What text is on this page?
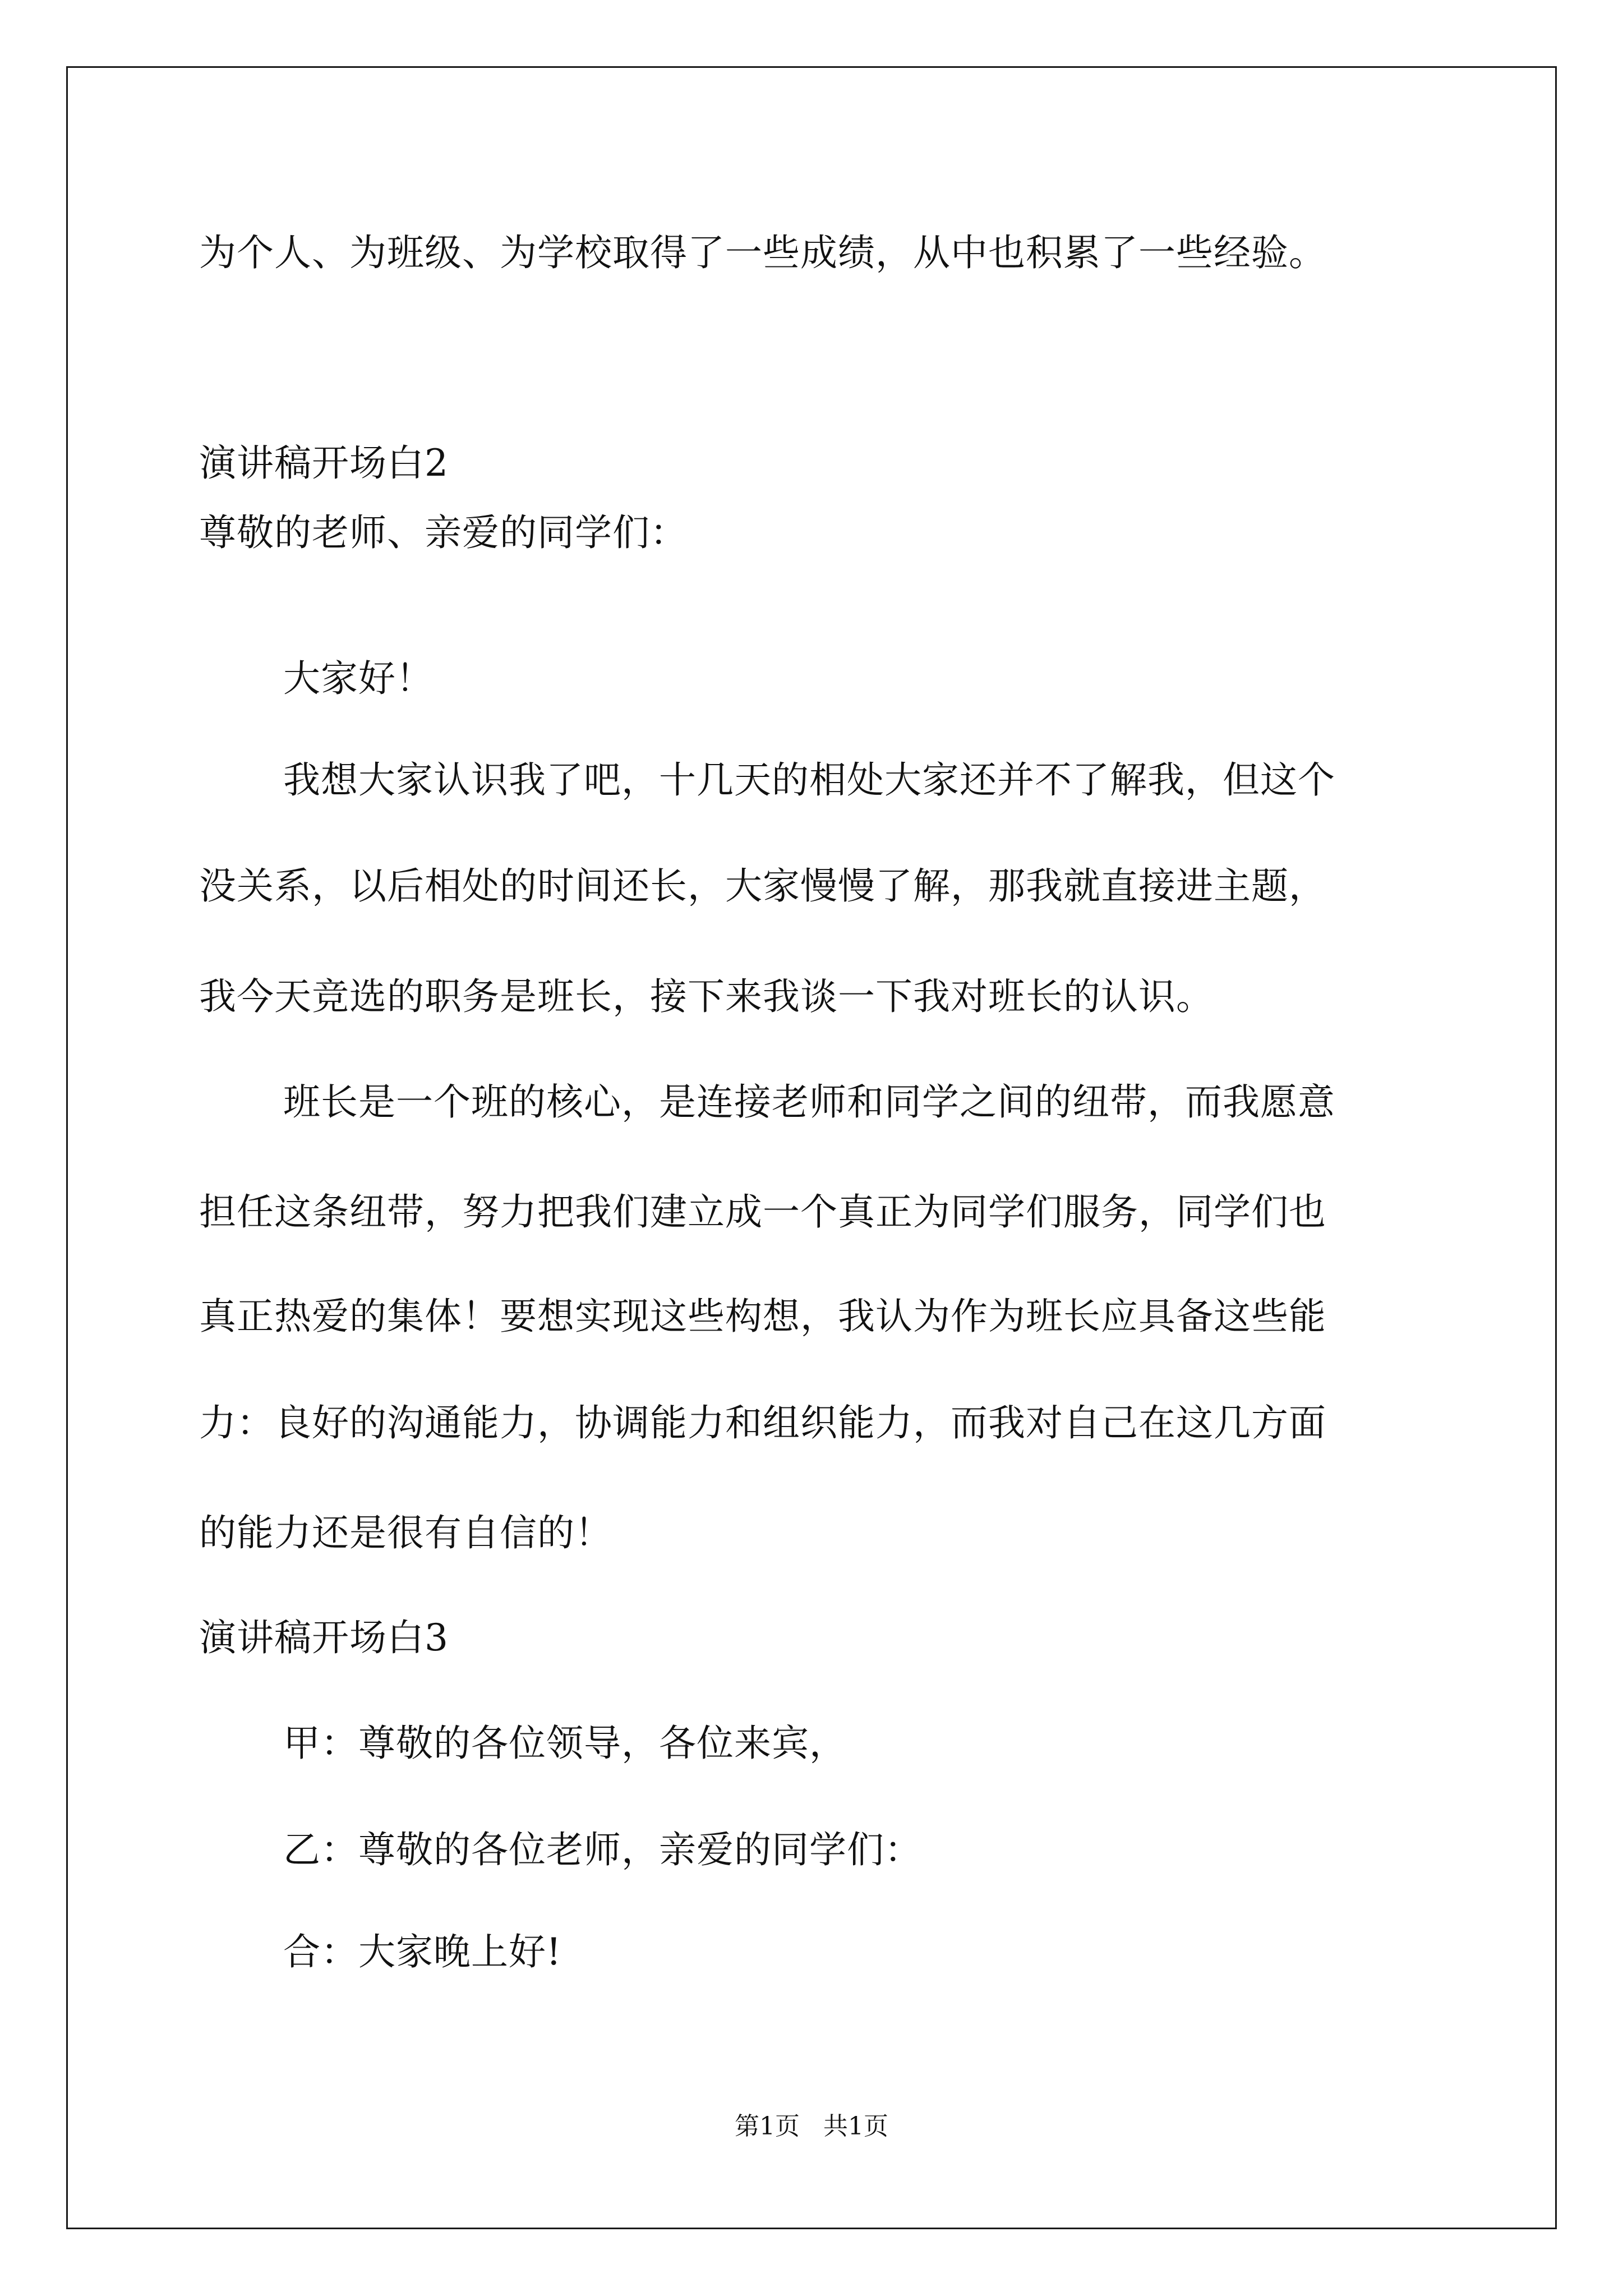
为个人、为班级、为学校取得了一些成绩，从中也积累了一些经验。
演讲稿开场白2
尊敬的老师、亲爱的同学们：
大家好！
我想大家认识我了吧，十几天的相处大家还并不了解我，但这个
没关系，以后相处的时间还长，大家慢慢了解，那我就直接进主题，
我今天竞选的职务是班长，接下来我谈一下我对班长的认识。
班长是一个班的核心，是连接老师和同学之间的纽带，而我愿意
担任这条纽带，努力把我们建立成一个真正为同学们服务，同学们也
真正热爱的集体！要想实现这些构想，我认为作为班长应具备这些能
力：良好的沟通能力，协调能力和组织能力，而我对自己在这几方面
的能力还是很有自信的！
演讲稿开场白3
甲：尊敬的各位领导，各位来宾，
乙：尊敬的各位老师，亲爱的同学们：
合：大家晚上好!
第1页   共1页
